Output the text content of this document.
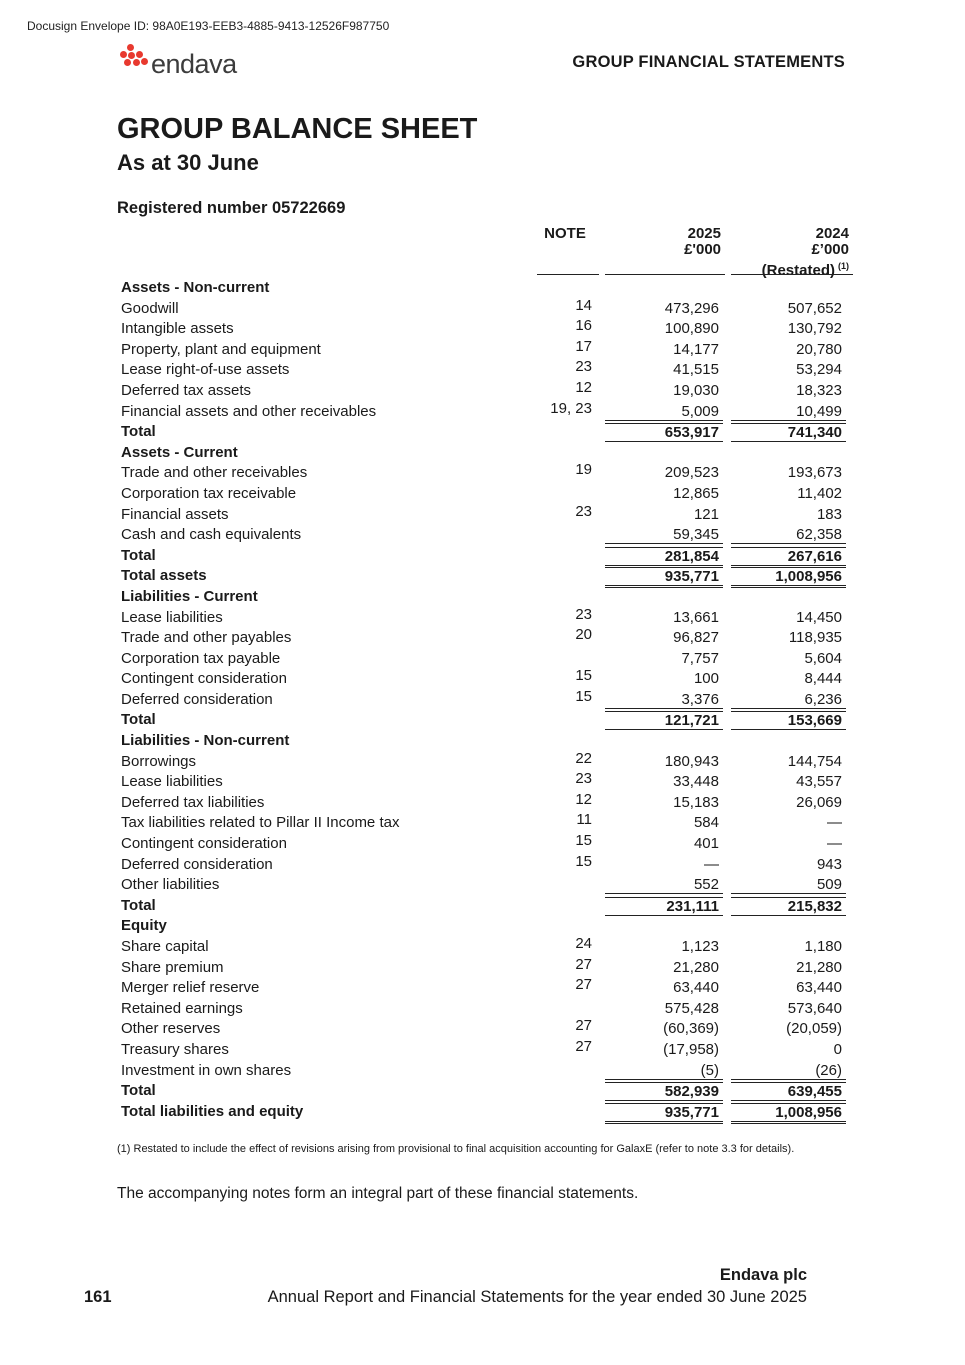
Docusign Envelope ID: 98A0E193-EEB3-4885-9413-12526F987750
endava	GROUP FINANCIAL STATEMENTS
GROUP BALANCE SHEET
As at 30 June
Registered number 05722669
NOTE	2025
£'000
2024
£’000
(Restated) $^{(1)}$
Assets - Non-current
Goodwill	14	473,296	507,652
Intangible assets	16	100,890	130,792
Property, plant and equipment	17	14,177	20,780
Lease right-of-use assets	23	41,515	53,294
Deferred tax assets	12	19,030	18,323
Financial assets and other receivables	19, 23	5,009	10,499
Total	653,917	741,340
Assets - Current
Trade and other receivables	19	209,523	193,673
Corporation tax receivable	12,865	11,402
Financial assets	23	121	183
Cash and cash equivalents	59,345	62,358
Total	281,854	267,616
Total assets	935,771	1,008,956
Liabilities - Current
Lease liabilities	23	13,661	14,450
Trade and other payables	20	96,827	118,935
Corporation tax payable	7,757	5,604
Contingent consideration	15	100	8,444
Deferred consideration	15	3,376	6,236
Total	121,721	153,669
Liabilities - Non-current
Borrowings	22	180,943	144,754
Lease liabilities	23	33,448	43,557
Deferred tax liabilities	12	15,183	26,069
Tax liabilities related to Pillar II Income tax	11	584	—
Contingent consideration	15	401	—
Deferred consideration	15	—	943
Other liabilities	552	509
Total	231,111	215,832
Equity
Share capital	24	1,123	1,180
Share premium	27	21,280	21,280
Merger relief reserve	27	63,440	63,440
Retained earnings	575,428	573,640
Other reserves	27	(60,369)	(20,059)
Treasury shares	27	(17,958)	0
Investment in own shares	(5)	(26)
Total	582,939	639,455
Total liabilities and equity	935,771	1,008,956
(1) Restated to include the effect of revisions arising from provisional to final acquisition accounting for GalaxE (refer to note 3.3 for details).
The accompanying notes form an integral part of these financial statements.
Endava plc
161	Annual Report and Financial Statements for the year ended 30 June 2025
